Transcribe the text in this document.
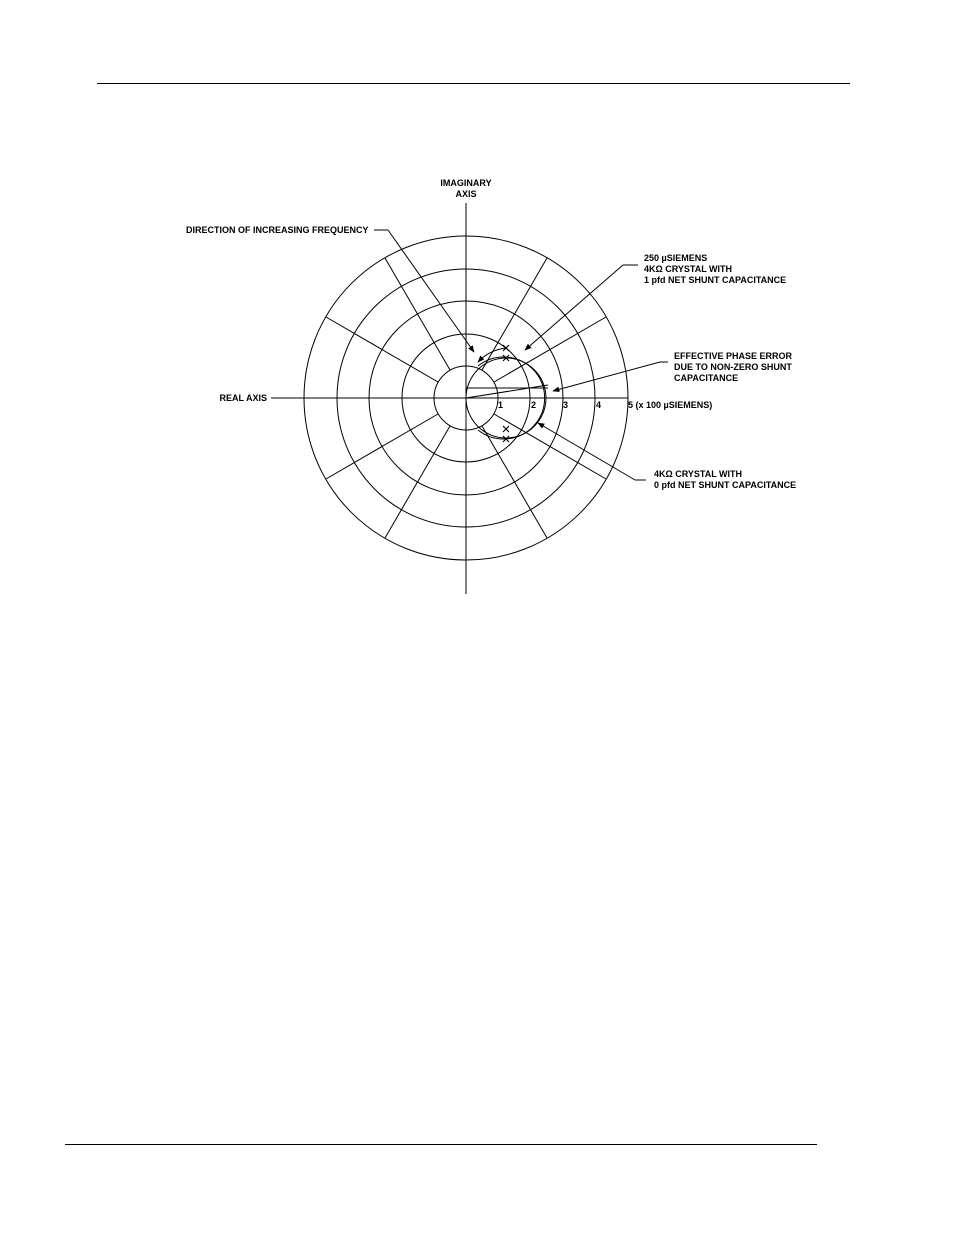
IMAGINARY
AXIS
REAL AXIS
1	2	3	4	5 (x 100 µSIEMENS)
DIRECTION OF INCREASING FREQUENCY
250 µSIEMENS
4KΩ CRYSTAL WITH
1 pfd NET SHUNT CAPACITANCE
EFFECTIVE PHASE ERROR
DUE TO NON-ZERO SHUNT
CAPACITANCE
4KΩ CRYSTAL WITH
0 pfd NET SHUNT CAPACITANCE
